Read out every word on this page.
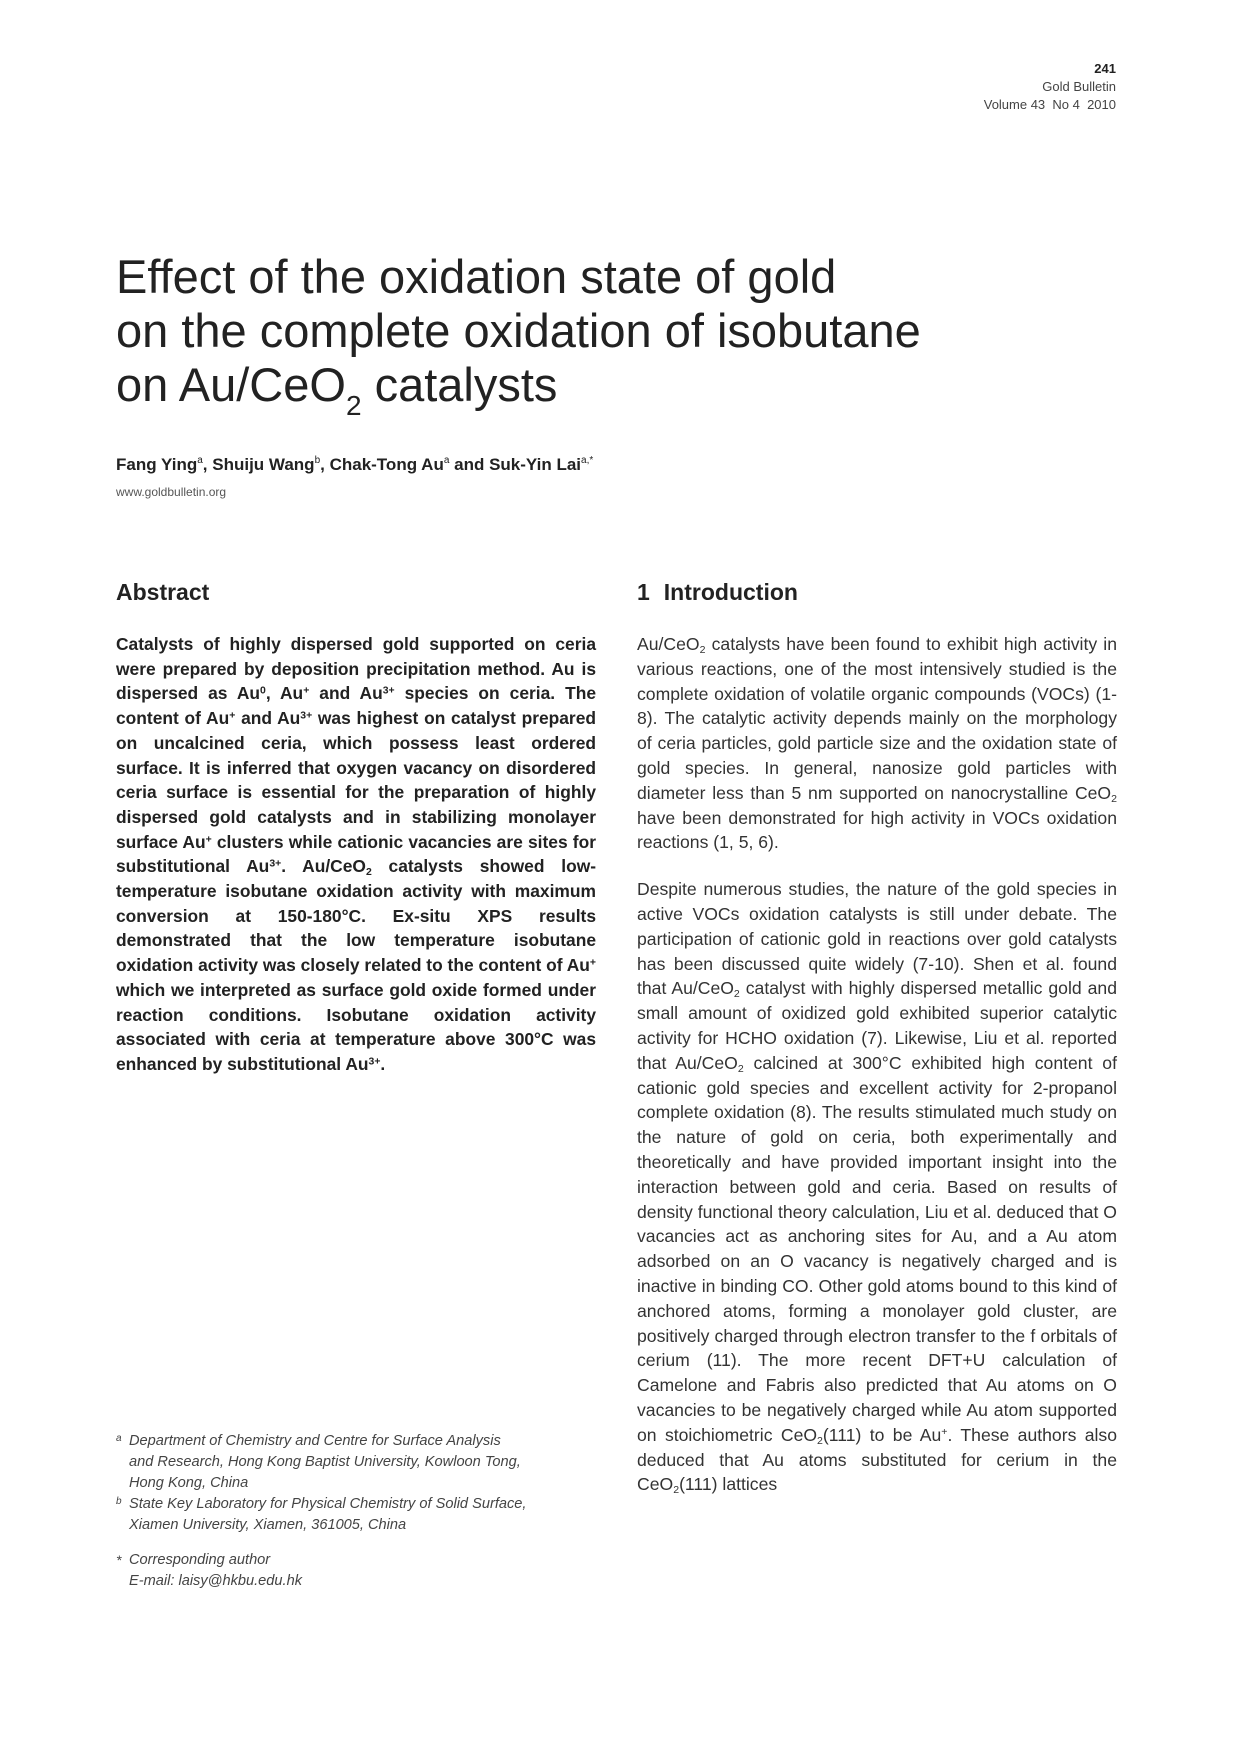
241
Gold Bulletin
Volume 43  No 4  2010
Effect of the oxidation state of gold
on the complete oxidation of isobutane
on Au/CeO$_2$ catalysts
Fang Ying$^a$, Shuiju Wang$^b$, Chak-Tong Au$^a$ and Suk-Yin Lai$^{a,*}$
www.goldbulletin.org
Abstract

Catalysts of highly dispersed gold supported on ceria were prepared by deposition precipitation method. Au is dispersed as Au$^0$, Au+ and $Au^{3+}$ species on ceria. The content of Au+ and $Au^{3+}$ was highest on catalyst prepared on uncalcined ceria, which possess least ordered surface. It is inferred that oxygen vacancy on disordered ceria surface is essential for the preparation of highly dispersed gold catalysts and in stabilizing monolayer surface Au+ clusters while cationic vacancies are sites for substitutional $Au^{3+}$. Au/CeO$_2$ catalysts showed low-temperature isobutane oxidation activity with maximum conversion at 150-180°C. Ex-situ XPS results demonstrated that the low temperature isobutane oxidation activity was closely related to the content of Au+ which we interpreted as surface gold oxide formed under reaction conditions. Isobutane oxidation activity associated with ceria at temperature above 300°C was enhanced by substitutional $Au^{3+}$.

a Department of Chemistry and Centre for Surface Analysis
and Research, Hong Kong Baptist University, Kowloon Tong,
Hong Kong, China
b State Key Laboratory for Physical Chemistry of Solid Surface,
Xiamen University, Xiamen, 361005, China
* Corresponding author
E-mail: laisy@hkbu.edu.hk
1 Introduction

Au/CeO$_2$ catalysts have been found to exhibit high activity in various reactions, one of the most intensively studied is the complete oxidation of volatile organic compounds (VOCs) (1-8). The catalytic activity depends mainly on the morphology of ceria particles, gold particle size and the oxidation state of gold species. In general, nanosize gold particles with diameter less than 5 nm supported on nanocrystalline CeO$_2$ have been demonstrated for high activity in VOCs oxidation reactions (1, 5, 6).

Despite numerous studies, the nature of the gold species in active VOCs oxidation catalysts is still under debate. The participation of cationic gold in reactions over gold catalysts has been discussed quite widely (7-10). Shen et al. found that Au/CeO$_2$ catalyst with highly dispersed metallic gold and small amount of oxidized gold exhibited superior catalytic activity for HCHO oxidation (7). Likewise, Liu et al. reported that Au/CeO$_2$ calcined at 300°C exhibited high content of cationic gold species and excellent activity for 2-propanol complete oxidation (8). The results stimulated much study on the nature of gold on ceria, both experimentally and theoretically and have provided important insight into the interaction between gold and ceria. Based on results of density functional theory calculation, Liu et al. deduced that O vacancies act as anchoring sites for Au, and a Au atom adsorbed on an O vacancy is negatively charged and is inactive in binding CO. Other gold atoms bound to this kind of anchored atoms, forming a monolayer gold cluster, are positively charged through electron transfer to the f orbitals of cerium (11). The more recent DFT+U calculation of Camelone and Fabris also predicted that Au atoms on O vacancies to be negatively charged while Au atom supported on stoichiometric CeO$_2$(111) to be Au+. These authors also deduced that Au atoms substituted for cerium in the CeO$_2$(111) lattices
